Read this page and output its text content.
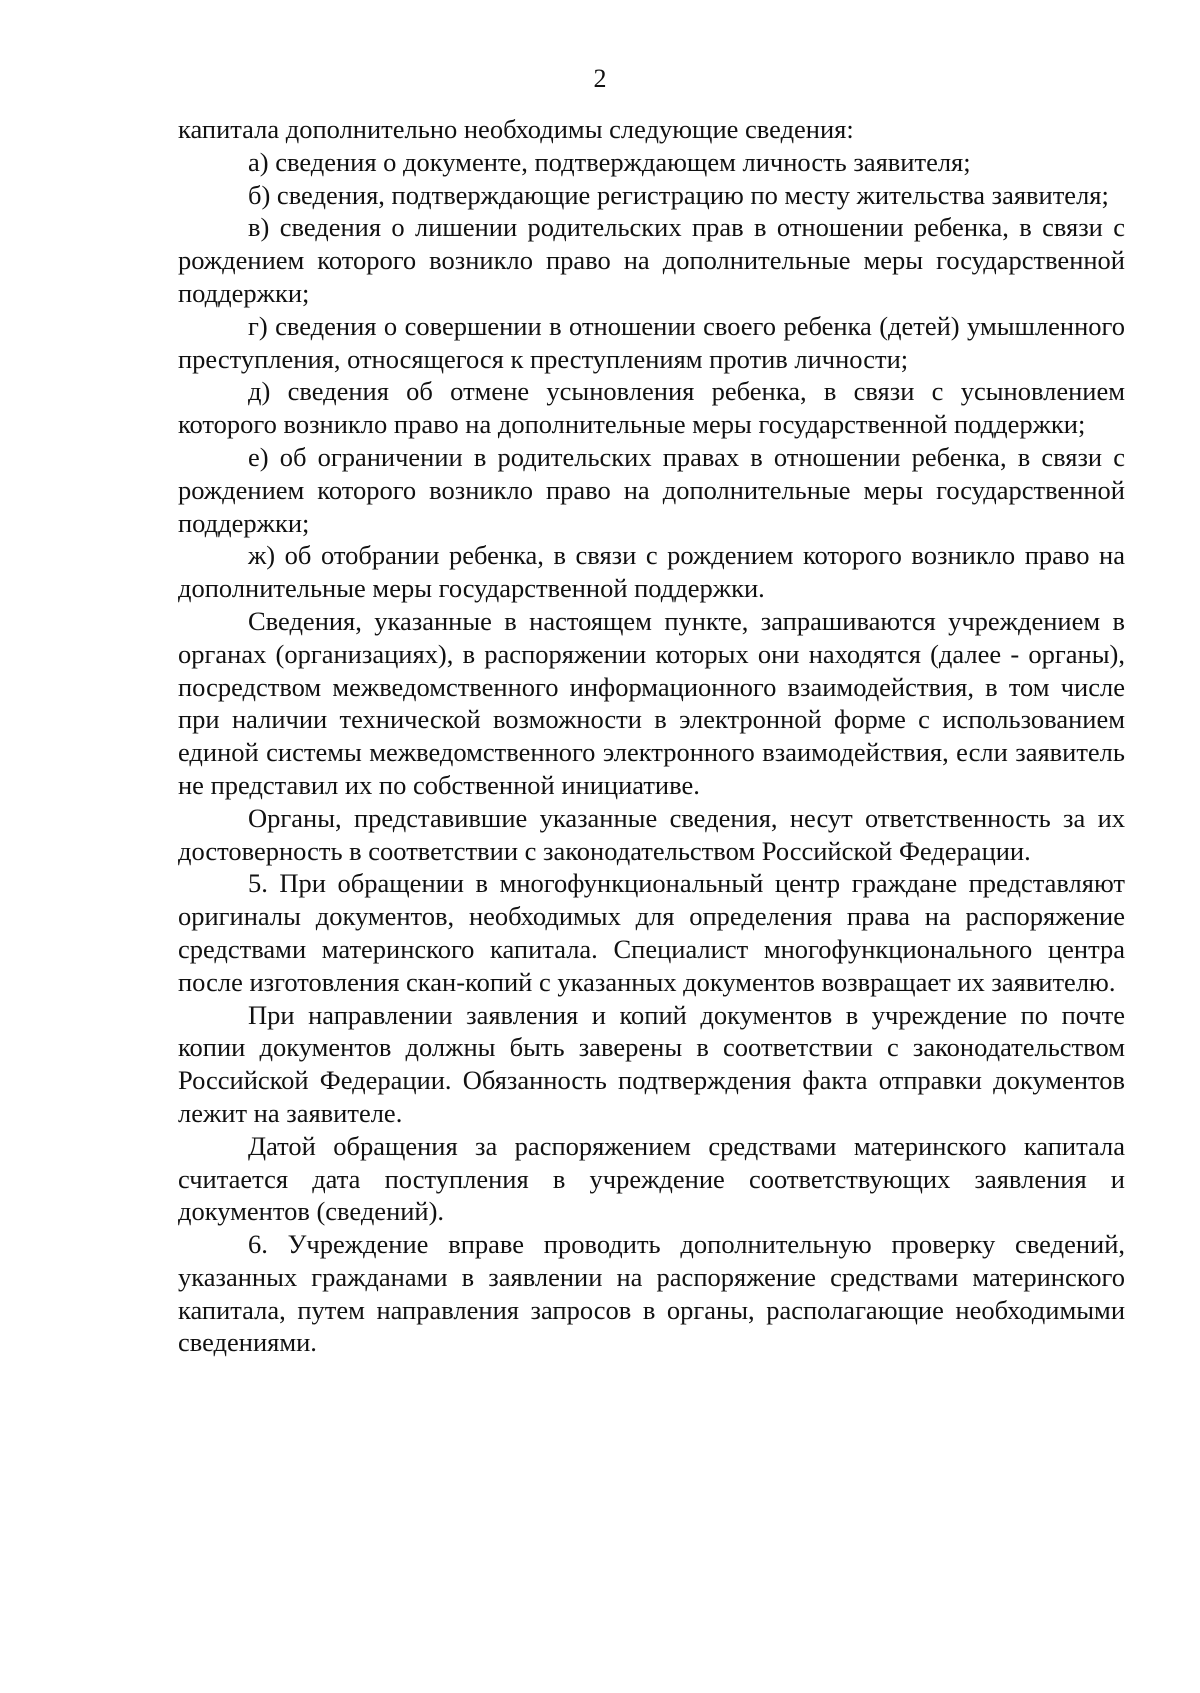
2

капитала дополнительно необходимы следующие сведения:

а) сведения о документе, подтверждающем личность заявителя;

б) сведения, подтверждающие регистрацию по месту жительства заявителя;

в) сведения о лишении родительских прав в отношении ребенка, в связи с рождением которого возникло право на дополнительные меры государственной поддержки;

г) сведения о совершении в отношении своего ребенка (детей) умышленного преступления, относящегося к преступлениям против личности;

д) сведения об отмене усыновления ребенка, в связи с усыновлением которого возникло право на дополнительные меры государственной поддержки;

е) об ограничении в родительских правах в отношении ребенка, в связи с рождением которого возникло право на дополнительные меры государственной поддержки;

ж) об отобрании ребенка, в связи с рождением которого возникло право на дополнительные меры государственной поддержки.

Сведения, указанные в настоящем пункте, запрашиваются учреждением в органах (организациях), в распоряжении которых они находятся (далее - органы), посредством межведомственного информационного взаимодействия, в том числе при наличии технической возможности в электронной форме с использованием единой системы межведомственного электронного взаимодействия, если заявитель не представил их по собственной инициативе.

Органы, представившие указанные сведения, несут ответственность за их достоверность в соответствии с законодательством Российской Федерации.

5. При обращении в многофункциональный центр граждане представляют оригиналы документов, необходимых для определения права на распоряжение средствами материнского капитала. Специалист многофункционального центра после изготовления скан-копий с указанных документов возвращает их заявителю.

При направлении заявления и копий документов в учреждение по почте копии документов должны быть заверены в соответствии с законодательством Российской Федерации. Обязанность подтверждения факта отправки документов лежит на заявителе.

Датой обращения за распоряжением средствами материнского капитала считается дата поступления в учреждение соответствующих заявления и документов (сведений).

6. Учреждение вправе проводить дополнительную проверку сведений, указанных гражданами в заявлении на распоряжение средствами материнского капитала, путем направления запросов в органы, располагающие необходимыми сведениями.
